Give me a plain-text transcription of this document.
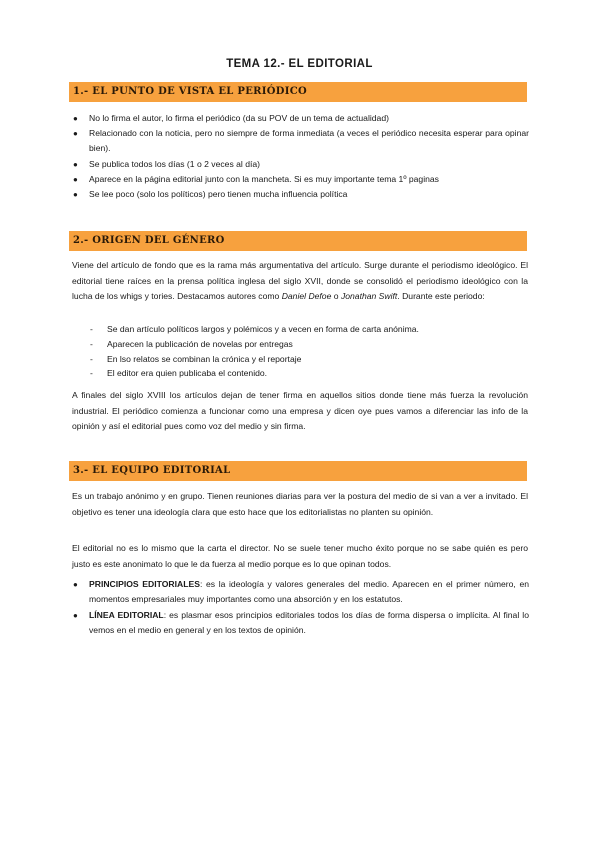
TEMA 12.- EL EDITORIAL
1.- EL PUNTO DE VISTA EL PERIÓDICO
● No lo firma el autor, lo firma el periódico (da su POV de un tema de actualidad)
● Relacionado con la noticia, pero no siempre de forma inmediata (a veces el periódico necesita esperar para opinar bien).
● Se publica todos los días (1 o 2 veces al día)
● Aparece en la página editorial junto con la mancheta. Si es muy importante tema 1º paginas
● Se lee poco (solo los políticos) pero tienen mucha influencia política
2.- ORIGEN DEL GÉNERO
Viene del artículo de fondo que es la rama más argumentativa del artículo. Surge durante el periodismo ideológico. El editorial tiene raíces en la prensa política inglesa del siglo XVII, donde se consolidó el periodismo ideológico con la lucha de los whigs y tories. Destacamos autores como Daniel Defoe o Jonathan Swift. Durante este periodo:
- Se dan artículo políticos largos y polémicos y a vecen en forma de carta anónima.
- Aparecen la publicación de novelas por entregas
- En lso relatos se combinan la crónica y el reportaje
- El editor era quien publicaba el contenido.
A finales del siglo XVIII los artículos dejan de tener firma en aquellos sitios donde tiene más fuerza la revolución industrial. El periódico comienza a funcionar como una empresa y dicen oye pues vamos a diferenciar las info de la opinión y así el editorial pues como voz del medio y sin firma.
3.- EL EQUIPO EDITORIAL
Es un trabajo anónimo y en grupo. Tienen reuniones diarias para ver la postura del medio de si van a ver a invitado. El objetivo es tener una ideología clara que esto hace que los editorialistas no planten su opinión.
El editorial no es lo mismo que la carta el director. No se suele tener mucho éxito porque no se sabe quién es pero justo es este anonimato lo que le da fuerza al medio porque es lo que opinan todos.
● PRINCIPIOS EDITORIALES: es la ideología y valores generales del medio. Aparecen en el primer número, en momentos empresariales muy importantes como una absorción y en los estatutos.
● LÍNEA EDITORIAL: es plasmar esos principios editoriales todos los días de forma dispersa o implícita. Al final lo vemos en el medio en general y en los textos de opinión.
